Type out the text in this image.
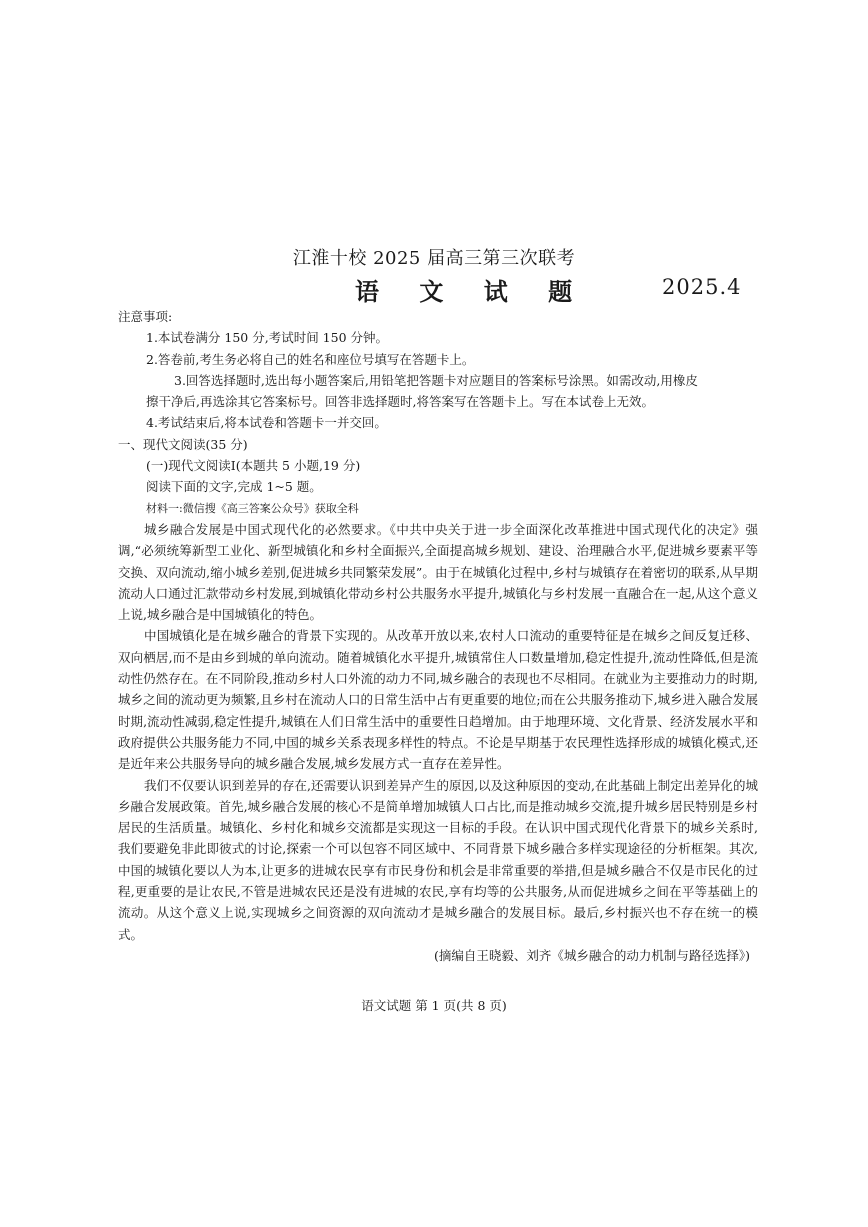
江淮十校 2025 届高三第三次联考
语 文 试 题	2025.4
注意事项:
1.本试卷满分 150 分,考试时间 150 分钟。
2.答卷前,考生务必将自己的姓名和座位号填写在答题卡上。
3.回答选择题时,选出每小题答案后,用铅笔把答题卡对应题目的答案标号涂黑。如需改动,用橡皮
擦干净后,再选涂其它答案标号。回答非选择题时,将答案写在答题卡上。写在本试卷上无效。
4.考试结束后,将本试卷和答题卡一并交回。
一、现代文阅读(35 分)
(一)现代文阅读Ⅰ(本题共 5 小题,19 分)
阅读下面的文字,完成 1~5 题。
材料一:微信搜《高三答案公众号》获取全科

城乡融合发展是中国式现代化的必然要求。《中共中央关于进一步全面深化改革推进中国式现代化的决定》强调,“必须统筹新型工业化、新型城镇化和乡村全面振兴,全面提高城乡规划、建设、治理融合水平,促进城乡要素平等交换、双向流动,缩小城乡差别,促进城乡共同繁荣发展”。由于在城镇化过程中,乡村与城镇存在着密切的联系,从早期流动人口通过汇款带动乡村发展,到城镇化带动乡村公共服务水平提升,城镇化与乡村发展一直融合在一起,从这个意义上说,城乡融合是中国城镇化的特色。

中国城镇化是在城乡融合的背景下实现的。从改革开放以来,农村人口流动的重要特征是在城乡之间反复迁移、双向栖居,而不是由乡到城的单向流动。随着城镇化水平提升,城镇常住人口数量增加,稳定性提升,流动性降低,但是流动性仍然存在。在不同阶段,推动乡村人口外流的动力不同,城乡融合的表现也不尽相同。在就业为主要推动力的时期,城乡之间的流动更为频繁,且乡村在流动人口的日常生活中占有更重要的地位;而在公共服务推动下,城乡进入融合发展时期,流动性减弱,稳定性提升,城镇在人们日常生活中的重要性日趋增加。由于地理环境、文化背景、经济发展水平和政府提供公共服务能力不同,中国的城乡关系表现多样性的特点。不论是早期基于农民理性选择形成的城镇化模式,还是近年来公共服务导向的城乡融合发展,城乡发展方式一直存在差异性。

我们不仅要认识到差异的存在,还需要认识到差异产生的原因,以及这种原因的变动,在此基础上制定出差异化的城乡融合发展政策。首先,城乡融合发展的核心不是简单增加城镇人口占比,而是推动城乡交流,提升城乡居民特别是乡村居民的生活质量。城镇化、乡村化和城乡交流都是实现这一目标的手段。在认识中国式现代化背景下的城乡关系时,我们要避免非此即彼式的讨论,探索一个可以包容不同区域中、不同背景下城乡融合多样实现途径的分析框架。其次,中国的城镇化要以人为本,让更多的进城农民享有市民身份和机会是非常重要的举措,但是城乡融合不仅是市民化的过程,更重要的是让农民,不管是进城农民还是没有进城的农民,享有均等的公共服务,从而促进城乡之间在平等基础上的流动。从这个意义上说,实现城乡之间资源的双向流动才是城乡融合的发展目标。最后,乡村振兴也不存在统一的模式。

(摘编自王晓毅、刘齐《城乡融合的动力机制与路径选择》)
语文试题 第 1 页(共 8 页)
